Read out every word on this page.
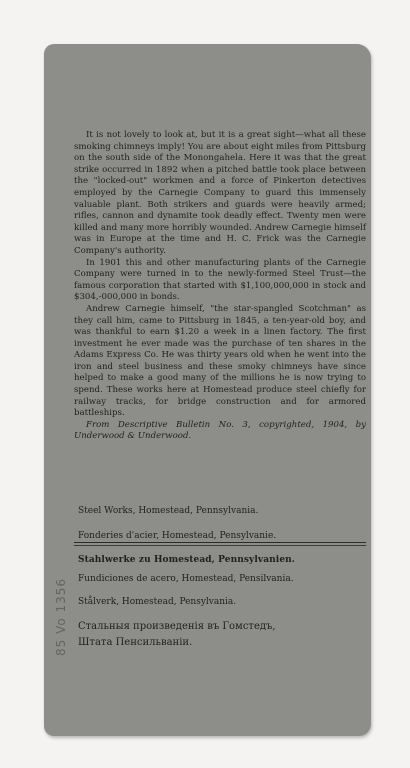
It is not lovely to look at, but it is a great sight—what all these smoking chimneys imply! You are about eight miles from Pittsburg on the south side of the Monongahela. Here it was that the great strike occurred in 1892 when a pitched battle took place between the "locked-out" workmen and a force of Pinkerton detectives employed by the Carnegie Company to guard this immensely valuable plant. Both strikers and guards were heavily armed; rifles, cannon and dynamite took deadly effect. Twenty men were killed and many more horribly wounded. Andrew Carnegie himself was in Europe at the time and H. C. Frick was the Carnegie Company's authority.

In 1901 this and other manufacturing plants of the Carnegie Company were turned in to the newly-formed Steel Trust—the famous corporation that started with $1,100,000,000 in stock and $304,-000,000 in bonds.

Andrew Carnegie himself, "the star-spangled Scotchman" as they call him, came to Pittsburg in 1845, a ten-year-old boy, and was thankful to earn $1.20 a week in a linen factory. The first investment he ever made was the purchase of ten shares in the Adams Express Co. He was thirty years old when he went into the iron and steel business and these smoky chimneys have since helped to make a good many of the millions he is now trying to spend. These works here at Homestead produce steel chiefly for railway tracks, for bridge construction and for armored battleships.

From Descriptive Bulletin No. 3, copyrighted, 1904, by Underwood & Underwood.

Steel Works, Homestead, Pennsylvania.
Fonderies d'acier, Homestead, Pensylvanie.
Stahlwerke zu Homestead, Pennsylvanien.
Fundiciones de acero, Homestead, Pensilvania.
Stålverk, Homestead, Pensylvania.
Стальныя произведенія въ Гомстедъ,
Штата Пенсильваніи.
85 Vo 1356
